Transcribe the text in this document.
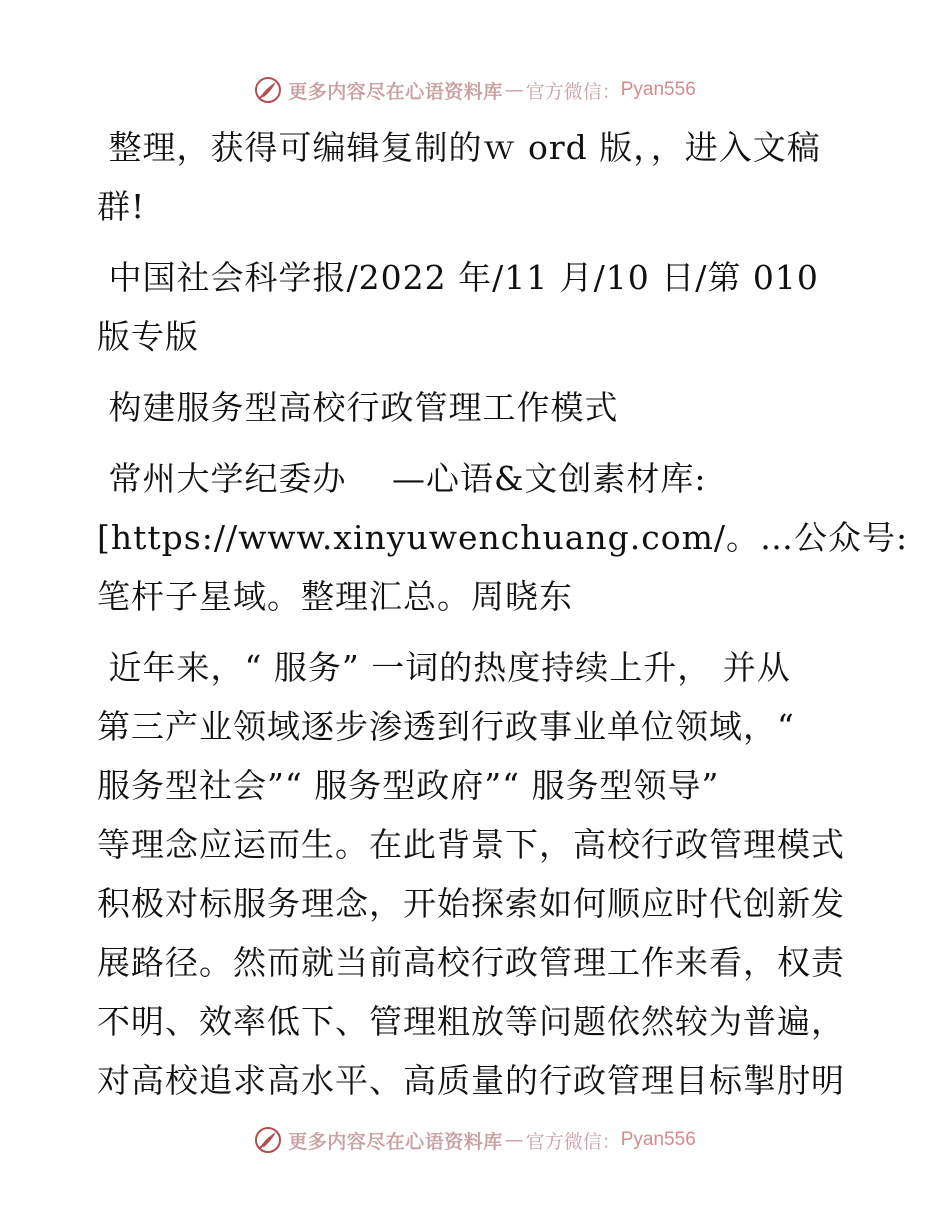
更多内容尽在心语资料库 — 官方微信： Pyan556
整理，获得可编辑复制的ｗ ord 版，，进入文稿
群!
中国社会科学报/2022 年/11 月/10 日/第 010
版专版
构建服务型高校行政管理工作模式
常州大学纪委办　 —心语&文创素材库:
[https://www.xinyuwenchuang.com/。…公众号:
笔杆子星域。整理汇总。周晓东
近年来，“ 服务” 一词的热度持续上升， 并从
第三产业领域逐步渗透到行政事业单位领域，“
服务型社会”“ 服务型政府”“ 服务型领导”
等理念应运而生。在此背景下，高校行政管理模式
积极对标服务理念，开始探索如何顺应时代创新发
展路径。然而就当前高校行政管理工作来看，权责
不明、效率低下、管理粗放等问题依然较为普遍，
对高校追求高水平、高质量的行政管理目标掣肘明
更多内容尽在心语资料库 — 官方微信： Pyan556
